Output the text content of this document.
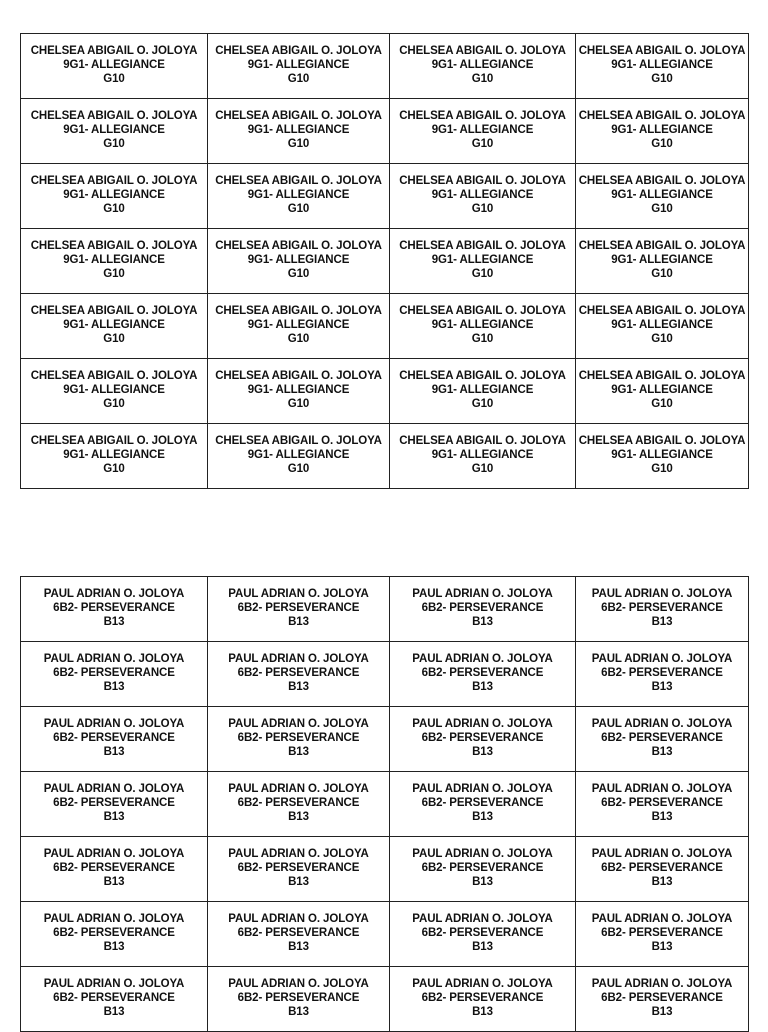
CHELSEA ABIGAIL O. JOLOYA
9G1- ALLEGIANCE
G10	CHELSEA ABIGAIL O. JOLOYA
9G1- ALLEGIANCE
G10	CHELSEA ABIGAIL O. JOLOYA
9G1- ALLEGIANCE
G10	CHELSEA ABIGAIL O. JOLOYA
9G1- ALLEGIANCE
G10

CHELSEA ABIGAIL O. JOLOYA
9G1- ALLEGIANCE
G10	CHELSEA ABIGAIL O. JOLOYA
9G1- ALLEGIANCE
G10	CHELSEA ABIGAIL O. JOLOYA
9G1- ALLEGIANCE
G10	CHELSEA ABIGAIL O. JOLOYA
9G1- ALLEGIANCE
G10

CHELSEA ABIGAIL O. JOLOYA
9G1- ALLEGIANCE
G10	CHELSEA ABIGAIL O. JOLOYA
9G1- ALLEGIANCE
G10	CHELSEA ABIGAIL O. JOLOYA
9G1- ALLEGIANCE
G10	CHELSEA ABIGAIL O. JOLOYA
9G1- ALLEGIANCE
G10

CHELSEA ABIGAIL O. JOLOYA
9G1- ALLEGIANCE
G10	CHELSEA ABIGAIL O. JOLOYA
9G1- ALLEGIANCE
G10	CHELSEA ABIGAIL O. JOLOYA
9G1- ALLEGIANCE
G10	CHELSEA ABIGAIL O. JOLOYA
9G1- ALLEGIANCE
G10

CHELSEA ABIGAIL O. JOLOYA
9G1- ALLEGIANCE
G10	CHELSEA ABIGAIL O. JOLOYA
9G1- ALLEGIANCE
G10	CHELSEA ABIGAIL O. JOLOYA
9G1- ALLEGIANCE
G10	CHELSEA ABIGAIL O. JOLOYA
9G1- ALLEGIANCE
G10

CHELSEA ABIGAIL O. JOLOYA
9G1- ALLEGIANCE
G10	CHELSEA ABIGAIL O. JOLOYA
9G1- ALLEGIANCE
G10	CHELSEA ABIGAIL O. JOLOYA
9G1- ALLEGIANCE
G10	CHELSEA ABIGAIL O. JOLOYA
9G1- ALLEGIANCE
G10

CHELSEA ABIGAIL O. JOLOYA
9G1- ALLEGIANCE
G10	CHELSEA ABIGAIL O. JOLOYA
9G1- ALLEGIANCE
G10	CHELSEA ABIGAIL O. JOLOYA
9G1- ALLEGIANCE
G10	CHELSEA ABIGAIL O. JOLOYA
9G1- ALLEGIANCE
G10
PAUL ADRIAN O. JOLOYA
6B2- PERSEVERANCE
B13	PAUL ADRIAN O. JOLOYA
6B2- PERSEVERANCE
B13	PAUL ADRIAN O. JOLOYA
6B2- PERSEVERANCE
B13	PAUL ADRIAN O. JOLOYA
6B2- PERSEVERANCE
B13

PAUL ADRIAN O. JOLOYA
6B2- PERSEVERANCE
B13	PAUL ADRIAN O. JOLOYA
6B2- PERSEVERANCE
B13	PAUL ADRIAN O. JOLOYA
6B2- PERSEVERANCE
B13	PAUL ADRIAN O. JOLOYA
6B2- PERSEVERANCE
B13

PAUL ADRIAN O. JOLOYA
6B2- PERSEVERANCE
B13	PAUL ADRIAN O. JOLOYA
6B2- PERSEVERANCE
B13	PAUL ADRIAN O. JOLOYA
6B2- PERSEVERANCE
B13	PAUL ADRIAN O. JOLOYA
6B2- PERSEVERANCE
B13

PAUL ADRIAN O. JOLOYA
6B2- PERSEVERANCE
B13	PAUL ADRIAN O. JOLOYA
6B2- PERSEVERANCE
B13	PAUL ADRIAN O. JOLOYA
6B2- PERSEVERANCE
B13	PAUL ADRIAN O. JOLOYA
6B2- PERSEVERANCE
B13

PAUL ADRIAN O. JOLOYA
6B2- PERSEVERANCE
B13	PAUL ADRIAN O. JOLOYA
6B2- PERSEVERANCE
B13	PAUL ADRIAN O. JOLOYA
6B2- PERSEVERANCE
B13	PAUL ADRIAN O. JOLOYA
6B2- PERSEVERANCE
B13

PAUL ADRIAN O. JOLOYA
6B2- PERSEVERANCE
B13	PAUL ADRIAN O. JOLOYA
6B2- PERSEVERANCE
B13	PAUL ADRIAN O. JOLOYA
6B2- PERSEVERANCE
B13	PAUL ADRIAN O. JOLOYA
6B2- PERSEVERANCE
B13

PAUL ADRIAN O. JOLOYA
6B2- PERSEVERANCE
B13	PAUL ADRIAN O. JOLOYA
6B2- PERSEVERANCE
B13	PAUL ADRIAN O. JOLOYA
6B2- PERSEVERANCE
B13	PAUL ADRIAN O. JOLOYA
6B2- PERSEVERANCE
B13
